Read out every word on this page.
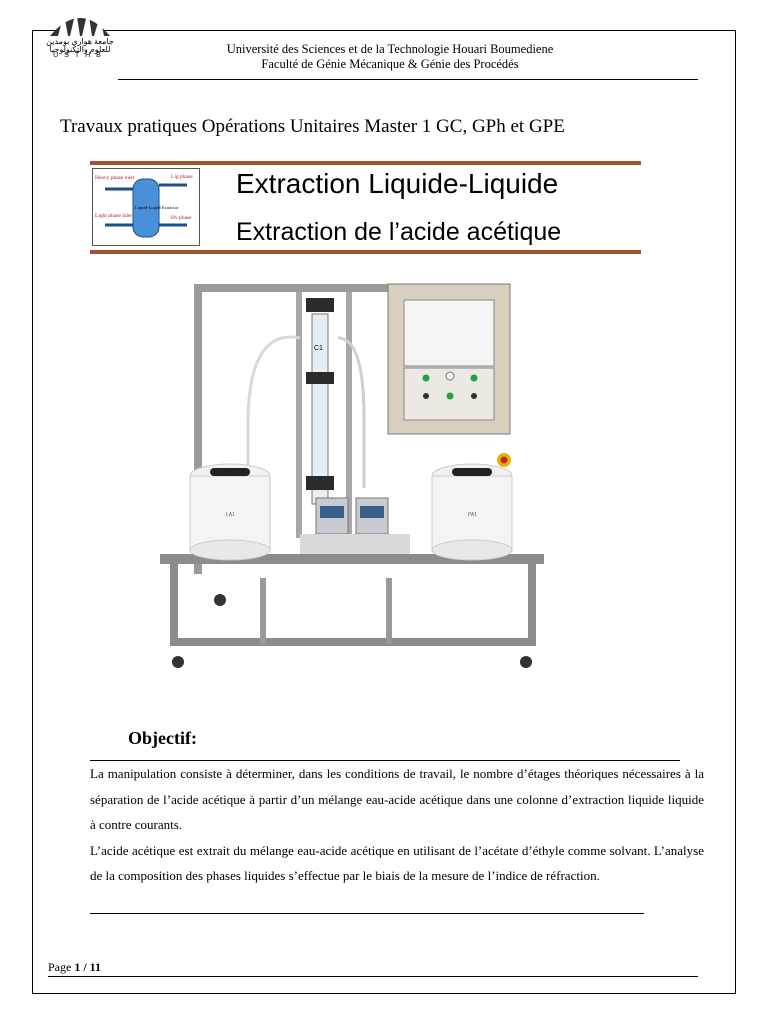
جامعة هواري بومدين للعلوم والتكنولوجيا
USTHB	Université des Sciences et de la Technologie Houari Boumediene
Faculté de Génie Mécanique & Génie des Procédés
Travaux pratiques Opérations Unitaires Master 1 GC, GPh et GPE
Heavy phase inlet
Light phase inlet
Lig phase
Hv phase
Liquid-Liquid Extractor
Extraction Liquide-Liquide
Extraction de l’acide acétique
C1
LA1	PA1
Objectif:

La manipulation consiste à déterminer, dans les conditions de travail, le nombre d’étages théoriques nécessaires à la séparation de l’acide acétique à partir d’un mélange eau-acide acétique dans une colonne d’extraction liquide liquide à contre courants.

L’acide acétique est extrait du mélange eau-acide acétique en utilisant de l’acétate d’éthyle comme solvant. L’analyse de la composition des phases liquides s’effectue par le biais de la mesure de l’indice de réfraction.

Page 1 / 11
